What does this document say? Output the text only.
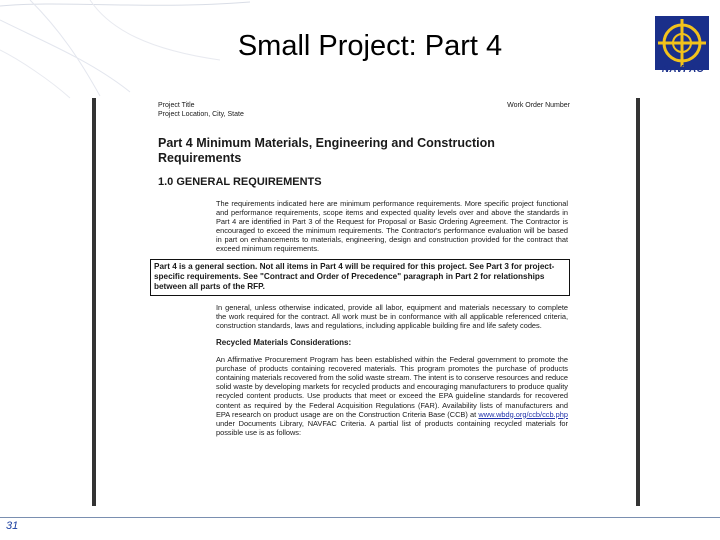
Small Project: Part 4
NAVFAC
Project Title
Project Location, City, State
Work Order Number
Part 4 Minimum Materials, Engineering and Construction Requirements
1.0 GENERAL REQUIREMENTS

The requirements indicated here are minimum performance requirements. More specific project functional and performance requirements, scope items and expected quality levels over and above the standards in Part 4 are identified in Part 3 of the Request for Proposal or Basic Ordering Agreement. The Contractor is encouraged to exceed the minimum requirements. The Contractor's performance evaluation will be based in part on enhancements to materials, engineering, design and construction provided for the contract that exceed minimum requirements.

Part 4 is a general section. Not all items in Part 4 will be required for this project. See Part 3 for project-specific requirements. See "Contract and Order of Precedence" paragraph in Part 2 for relationships between all parts of the RFP.

In general, unless otherwise indicated, provide all labor, equipment and materials necessary to complete the work required for the contract. All work must be in conformance with all applicable referenced criteria, construction standards, laws and regulations, including applicable building fire and life safety codes.

Recycled Materials Considerations:

An Affirmative Procurement Program has been established within the Federal government to promote the purchase of products containing recovered materials. This program promotes the purchase of products containing materials recovered from the solid waste stream. The intent is to conserve resources and reduce solid waste by developing markets for recycled products and encouraging manufacturers to produce quality recycled content products. Use products that meet or exceed the EPA guideline standards for recovered content as required by the Federal Acquisition Regulations (FAR). Availability lists of manufacturers and EPA research on product usage are on the Construction Criteria Base (CCB) at www.wbdg.org/ccb/ccb.php under Documents Library, NAVFAC Criteria. A partial list of products containing recycled materials for possible use is as follows:

31
